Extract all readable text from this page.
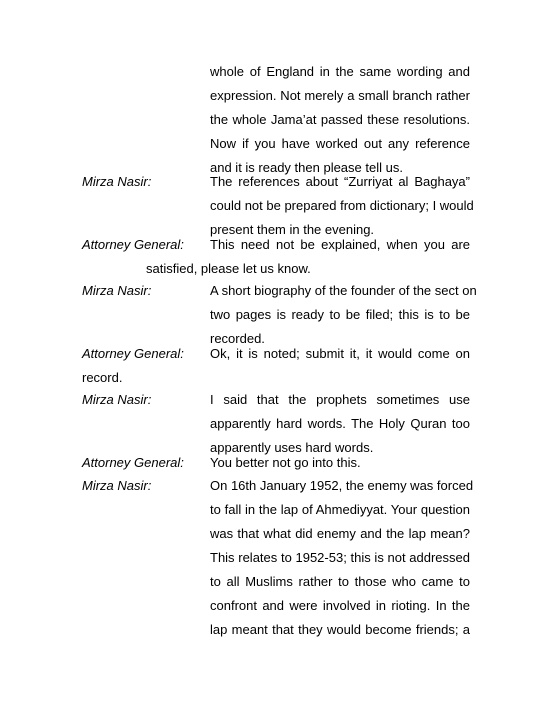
whole of England in the same wording and
expression. Not merely a small branch rather
the whole Jama’at passed these resolutions.
Now if you have worked out any reference
and it is ready then please tell us.
Mirza Nasir:	The references about “Zurriyat al Baghaya”
could not be prepared from dictionary; I would
present them in the evening.
Attorney General: This need not be explained, when you are
satisfied, please let us know.
Mirza Nasir:	A short biography of the founder of the sect on
two pages is ready to be filed; this is to be
recorded.
Attorney General: Ok, it is noted; submit it, it would come on
record.
Mirza Nasir:	I said that the prophets sometimes use
apparently hard words. The Holy Quran too
apparently uses hard words.
Attorney General: You better not go into this.
Mirza Nasir:	On 16th January 1952, the enemy was forced
to fall in the lap of Ahmediyyat. Your question
was that what did enemy and the lap mean?
This relates to 1952-53; this is not addressed
to all Muslims rather to those who came to
confront and were involved in rioting. In the
lap meant that they would become friends; a
